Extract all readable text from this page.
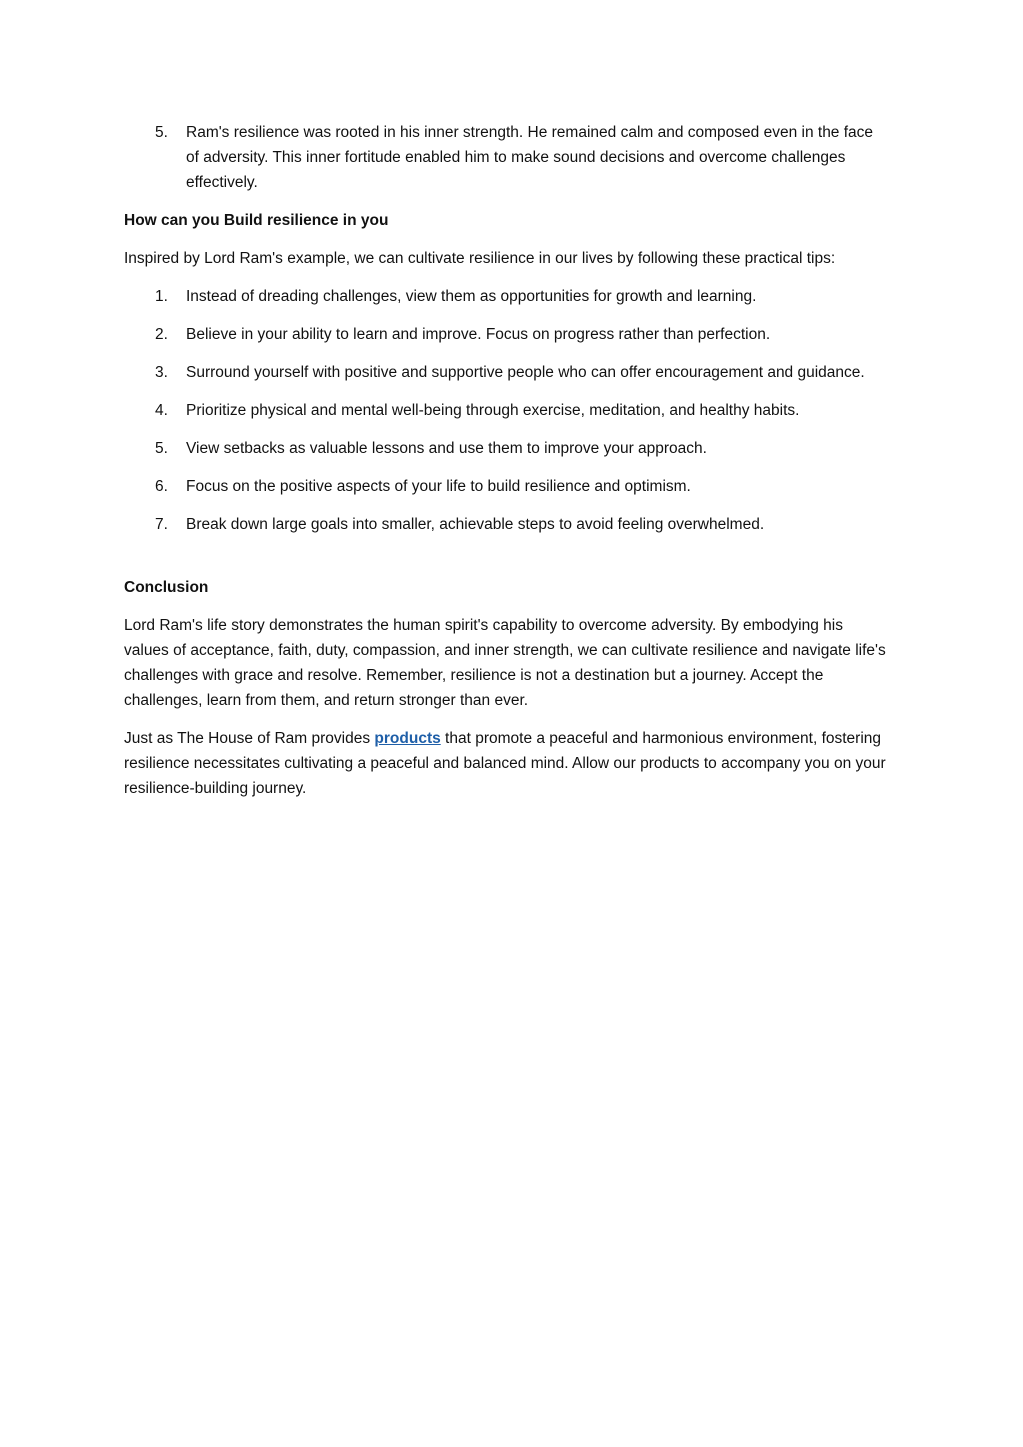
5. Ram's resilience was rooted in his inner strength. He remained calm and composed even in the face of adversity. This inner fortitude enabled him to make sound decisions and overcome challenges effectively.

How can you Build resilience in you

Inspired by Lord Ram's example, we can cultivate resilience in our lives by following these practical tips:

1. Instead of dreading challenges, view them as opportunities for growth and learning.
2. Believe in your ability to learn and improve. Focus on progress rather than perfection.
3. Surround yourself with positive and supportive people who can offer encouragement and guidance.
4. Prioritize physical and mental well-being through exercise, meditation, and healthy habits.
5. View setbacks as valuable lessons and use them to improve your approach.
6. Focus on the positive aspects of your life to build resilience and optimism.
7. Break down large goals into smaller, achievable steps to avoid feeling overwhelmed.

Conclusion

Lord Ram's life story demonstrates the human spirit's capability to overcome adversity. By embodying his values of acceptance, faith, duty, compassion, and inner strength, we can cultivate resilience and navigate life's challenges with grace and resolve. Remember, resilience is not a destination but a journey. Accept the challenges, learn from them, and return stronger than ever.

Just as The House of Ram provides products that promote a peaceful and harmonious environment, fostering resilience necessitates cultivating a peaceful and balanced mind. Allow our products to accompany you on your resilience-building journey.
